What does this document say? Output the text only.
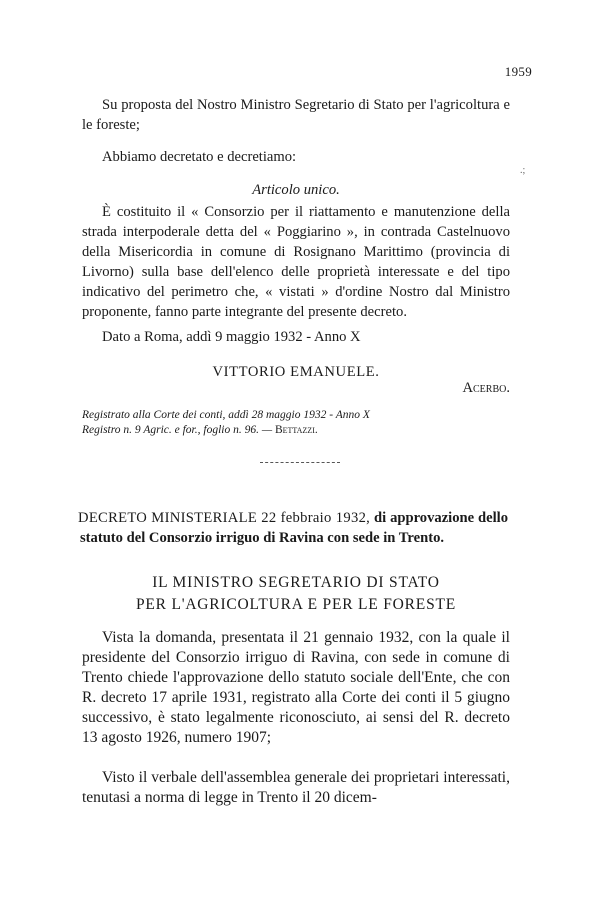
1959
Su proposta del Nostro Ministro Segretario di Stato per l'agricoltura e le foreste;
Abbiamo decretato e decretiamo:
.;
Articolo unico.
È costituito il « Consorzio per il riattamento e manutenzione della strada interpoderale detta del « Poggiarino », in contrada Castelnuovo della Misericordia in comune di Rosignano Marittimo (provincia di Livorno) sulla base dell'elenco delle proprietà interessate e del tipo indicativo del perimetro che, « vistati » d'ordine Nostro dal Ministro proponente, fanno parte integrante del presente decreto.
Dato a Roma, addì 9 maggio 1932 - Anno X
VITTORIO EMANUELE.
Acerbo.

Registrato alla Corte dei conti, addì 28 maggio 1932 - Anno X

Registro n. 9 Agric. e for., foglio n. 96. — Bettazzi.

DECRETO MINISTERIALE 22 febbraio 1932, di approvazione dello statuto del Consorzio irriguo di Ravina con sede in Trento.

IL MINISTRO SEGRETARIO DI STATO

PER L'AGRICOLTURA E PER LE FORESTE

Vista la domanda, presentata il 21 gennaio 1932, con la quale il presidente del Consorzio irriguo di Ravina, con sede in comune di Trento chiede l'approvazione dello statuto sociale dell'Ente, che con R. decreto 17 aprile 1931, registrato alla Corte dei conti il 5 giugno successivo, è stato legalmente riconosciuto, ai sensi del R. decreto 13 agosto 1926, numero 1907;
Visto il verbale dell'assemblea generale dei proprietari interessati, tenutasi a norma di legge in Trento il 20 dicem-
